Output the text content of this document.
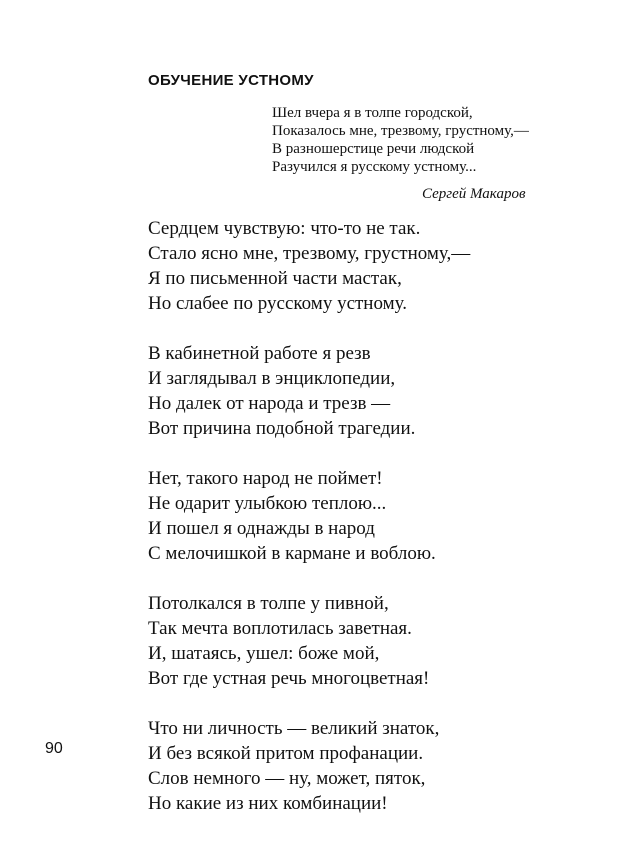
ОБУЧЕНИЕ УСТНОМУ
Шел вчера я в толпе городской,
Показалось мне, трезвому, грустному,—
В разношерстице речи людской
Разучился я русскому устному...
Сергей Макаров
Сердцем чувствую: что-то не так.
Стало ясно мне, трезвому, грустному,—
Я по письменной части мастак,
Но слабее по русскому устному.
В кабинетной работе я резв
И заглядывал в энциклопедии,
Но далек от народа и трезв —
Вот причина подобной трагедии.
Нет, такого народ не поймет!
Не одарит улыбкою теплою...
И пошел я однажды в народ
С мелочишкой в кармане и воблою.
Потолкался в толпе у пивной,
Так мечта воплотилась заветная.
И, шатаясь, ушел: боже мой,
Вот где устная речь многоцветная!
Что ни личность — великий знаток,
И без всякой притом профанации.
Слов немного — ну, может, пяток,
Но какие из них комбинации!
90
